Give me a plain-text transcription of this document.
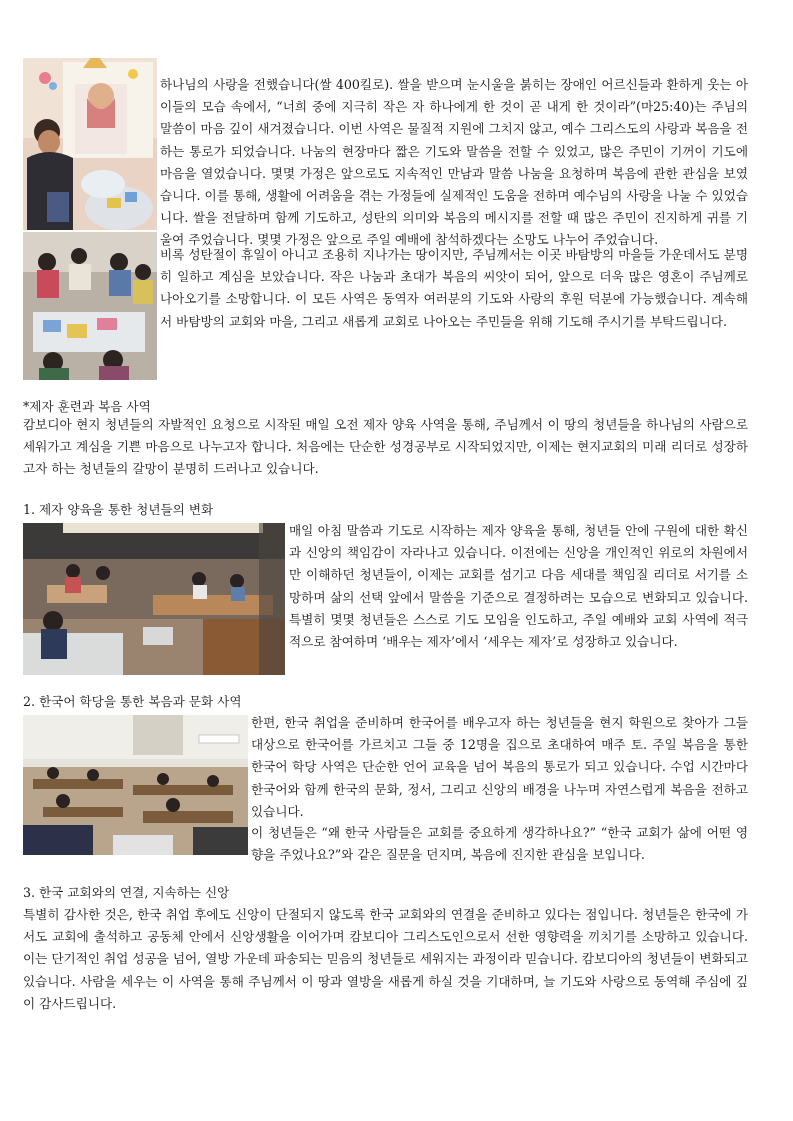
하나님의 사랑을 전했습니다(쌀 400킬로). 쌀을 받으며 눈시울을 붉히는 장애인 어르신들과 환하게 웃는 아이들의 모습 속에서, “너희 중에 지극히 작은 자 하나에게 한 것이 곧 내게 한 것이라”(마25:40)는 주님의 말씀이 마음 깊이 새겨졌습니다. 이번 사역은 물질적 지원에 그치지 않고, 예수 그리스도의 사랑과 복음을 전하는 통로가 되었습니다. 나눔의 현장마다 짧은 기도와 말씀을 전할 수 있었고, 많은 주민이 기꺼이 기도에 마음을 열었습니다. 몇몇 가정은 앞으로도 지속적인 만남과 말씀 나눔을 요청하며 복음에 관한 관심을 보였습니다. 이를 통해, 생활에 어려움을 겪는 가정들에 실제적인 도움을 전하며 예수님의 사랑을 나눌 수 있었습니다. 쌀을 전달하며 함께 기도하고, 성탄의 의미와 복음의 메시지를 전할 때 많은 주민이 진지하게 귀를 기울여 주었습니다. 몇몇 가정은 앞으로 주일 예배에 참석하겠다는 소망도 나누어 주었습니다.

비록 성탄절이 휴일이 아니고 조용히 지나가는 땅이지만, 주님께서는 이곳 바탐방의 마을들 가운데서도 분명히 일하고 계심을 보았습니다. 작은 나눔과 초대가 복음의 씨앗이 되어, 앞으로 더욱 많은 영혼이 주님께로 나아오기를 소망합니다. 이 모든 사역은 동역자 여러분의 기도와 사랑의 후원 덕분에 가능했습니다. 계속해서 바탐방의 교회와 마을, 그리고 새롭게 교회로 나아오는 주민들을 위해 기도해 주시기를 부탁드립니다.

*제자 훈련과 복음 사역

캄보디아 현지 청년들의 자발적인 요청으로 시작된 매일 오전 제자 양육 사역을 통해, 주님께서 이 땅의 청년들을 하나님의 사람으로 세워가고 계심을 기쁜 마음으로 나누고자 합니다. 처음에는 단순한 성경공부로 시작되었지만, 이제는 현지교회의 미래 리더로 성장하고자 하는 청년들의 갈망이 분명히 드러나고 있습니다.

1. 제자 양육을 통한 청년들의 변화

매일 아침 말씀과 기도로 시작하는 제자 양육을 통해, 청년들 안에 구원에 대한 확신과 신앙의 책임감이 자라나고 있습니다. 이전에는 신앙을 개인적인 위로의 차원에서만 이해하던 청년들이, 이제는 교회를 섬기고 다음 세대를 책임질 리더로 서기를 소망하며 삶의 선택 앞에서 말씀을 기준으로 결정하려는 모습으로 변화되고 있습니다. 특별히 몇몇 청년들은 스스로 기도 모임을 인도하고, 주일 예배와 교회 사역에 적극적으로 참여하며 ‘배우는 제자’에서 ‘세우는 제자’로 성장하고 있습니다.

2. 한국어 학당을 통한 복음과 문화 사역

한편, 한국 취업을 준비하며 한국어를 배우고자 하는 청년들을 현지 학원으로 찾아가 그들 대상으로 한국어를 가르치고 그들 중 12명을 집으로 초대하여 매주 토. 주일 복음을 통한 한국어 학당 사역은 단순한 언어 교육을 넘어 복음의 통로가 되고 있습니다. 수업 시간마다 한국어와 함께 한국의 문화, 정서, 그리고 신앙의 배경을 나누며 자연스럽게 복음을 전하고 있습니다.

이 청년들은 “왜 한국 사람들은 교회를 중요하게 생각하나요?” “한국 교회가 삶에 어떤 영향을 주었나요?”와 같은 질문을 던지며, 복음에 진지한 관심을 보입니다.

3. 한국 교회와의 연결, 지속하는 신앙

특별히 감사한 것은, 한국 취업 후에도 신앙이 단절되지 않도록 한국 교회와의 연결을 준비하고 있다는 점입니다. 청년들은 한국에 가서도 교회에 출석하고 공동체 안에서 신앙생활을 이어가며 캄보디아 그리스도인으로서 선한 영향력을 끼치기를 소망하고 있습니다. 이는 단기적인 취업 성공을 넘어, 열방 가운데 파송되는 믿음의 청년들로 세워지는 과정이라 믿습니다. 캄보디아의 청년들이 변화되고 있습니다. 사람을 세우는 이 사역을 통해 주님께서 이 땅과 열방을 새롭게 하실 것을 기대하며, 늘 기도와 사랑으로 동역해 주심에 깊이 감사드립니다.
